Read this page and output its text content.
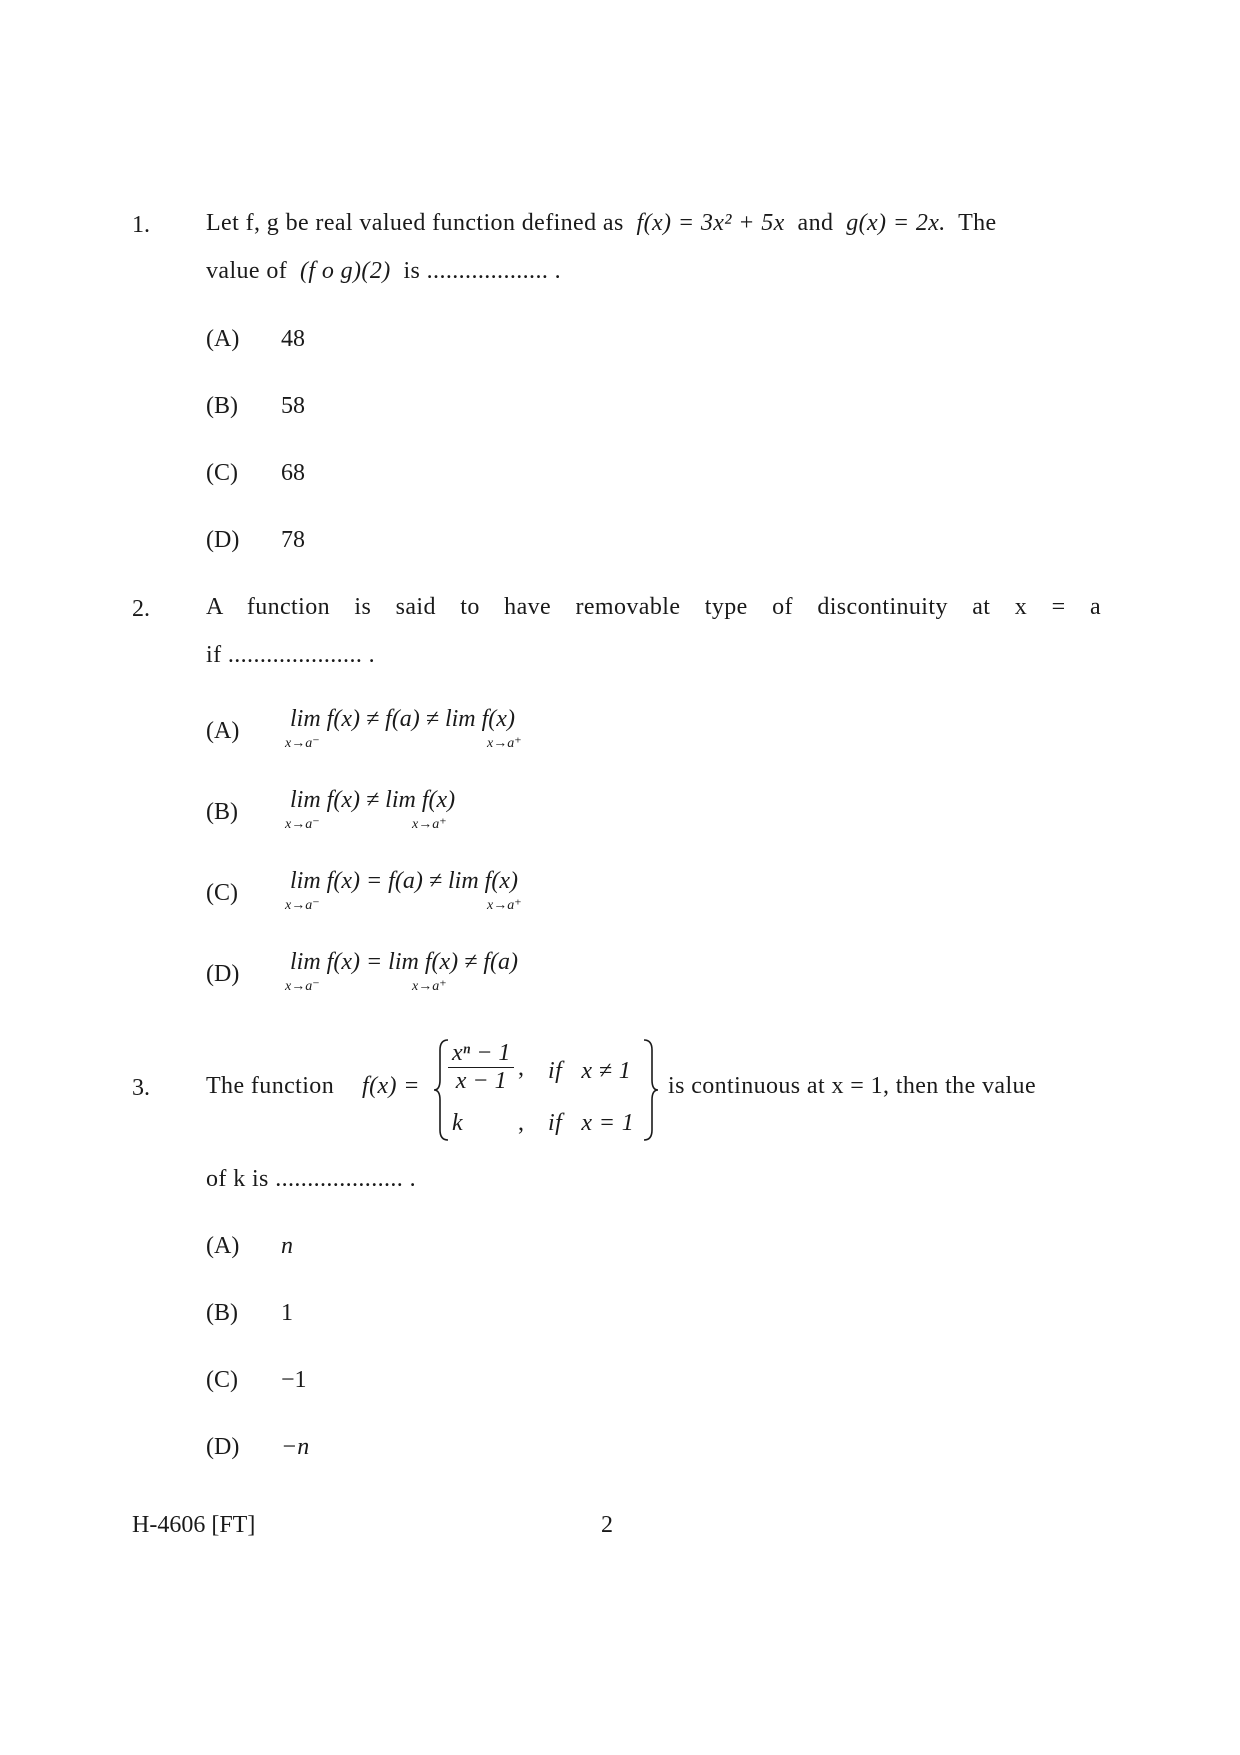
1. Let f, g be real valued function defined as f(x) = 3x² + 5x and g(x) = 2x. The
value of (f o g)(2) is ................... .
(A) 48
(B) 58
(C) 68
(D) 78
2. A function is said to have removable type of discontinuity at x = a
if ..................... .
(A) lim f(x) ≠ f(a) ≠ lim f(x)
x→a⁻	x→a⁺
(B) lim f(x) ≠ lim f(x)
x→a⁻	x→a⁺
(C) lim f(x) = f(a) ≠ lim f(x)
x→a⁻	x→a⁺
(D) lim f(x) = lim f(x) ≠ f(a)
x→a⁻	x→a⁺
3. The function $f(x) = \frac{\text{xⁿ − 1}}{x - 1}$ , if   x ≠ 1
k , if   x = 1
is continuous at x = 1, then the value
of k is .................... .
(A) n
(B) 1
(C) −1
(D) −n
H-4606 [FT]	2
